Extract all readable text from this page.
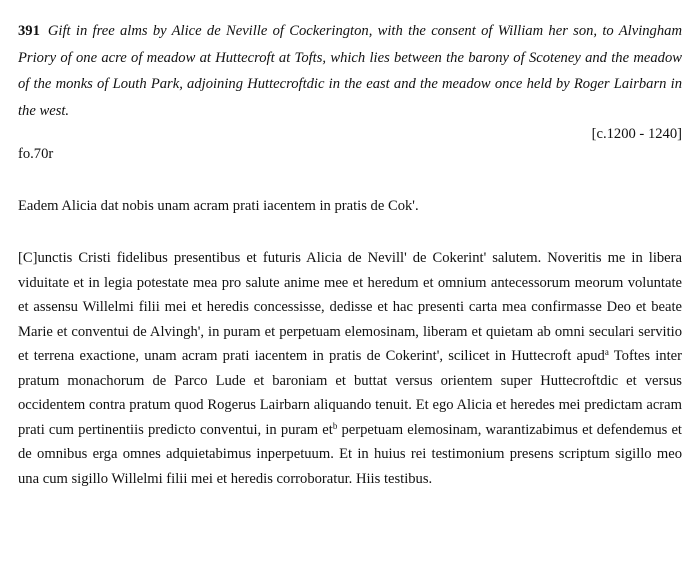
391 Gift in free alms by Alice de Neville of Cockerington, with the consent of William her son, to Alvingham Priory of one acre of meadow at Huttecroft at Tofts, which lies between the barony of Scoteney and the meadow of the monks of Louth Park, adjoining Huttecroftdic in the east and the meadow once held by Roger Lairbarn in the west.

[c.1200 - 1240]

fo.70r

Eadem Alicia dat nobis unam acram prati iacentem in pratis de Cok'.

[C]unctis Cristi fidelibus presentibus et futuris Alicia de Nevill' de Cokerint' salutem. Noveritis me in libera viduitate et in legia potestate mea pro salute anime mee et heredum et omnium antecessorum meorum voluntate et assensu Willelmi filii mei et heredis concessisse, dedisse et hac presenti carta mea confirmasse Deo et beate Marie et conventui de Alvingh', in puram et perpetuam elemosinam, liberam et quietam ab omni seculari servitio et terrena exactione, unam acram prati iacentem in pratis de Cokerint', scilicet in Huttecroft apud$^a$ Toftes inter pratum monachorum de Parco Lude et baroniam et buttat versus orientem super Huttecroftdic et versus occidentem contra pratum quod Rogerus Lairbarn aliquando tenuit. Et ego Alicia et heredes mei predictam acram prati cum pertinentiis predicto conventui, in puram $et^b$ perpetuam elemosinam, warantizabimus et defendemus et de omnibus erga omnes adquietabimus inperpetuum. Et in huius rei testimonium presens scriptum sigillo meo una cum sigillo Willelmi filii mei et heredis corroboratur. Hiis testibus.
